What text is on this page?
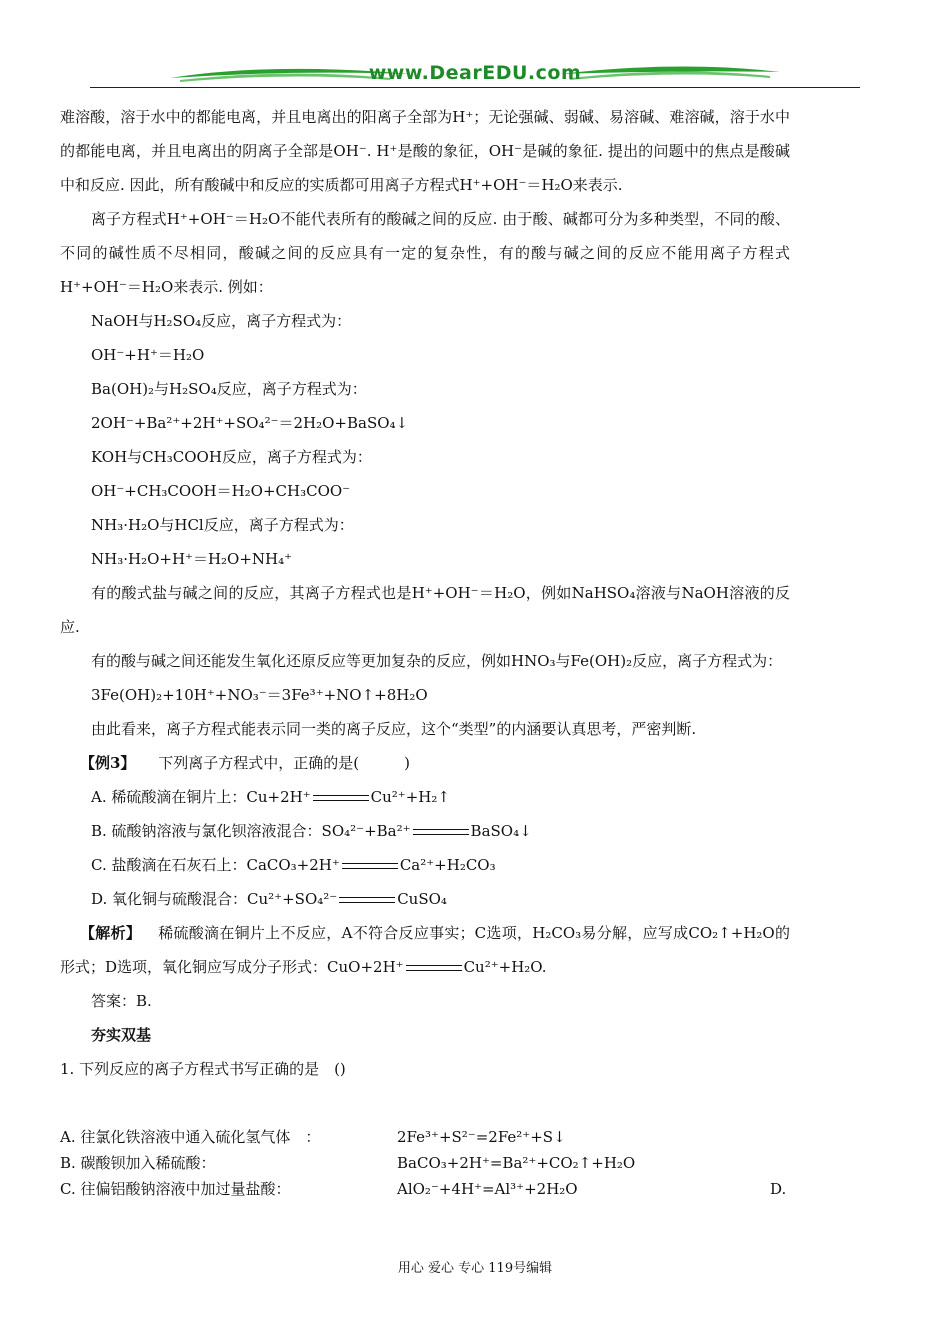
www.DearEDU.com

难溶酸，溶于水中的都能电离，并且电离出的阳离子全部为H⁺；无论强碱、弱碱、易溶碱、难溶碱，溶于水中的都能电离，并且电离出的阴离子全部是OH⁻. H⁺是酸的象征，OH⁻是碱的象征. 提出的问题中的焦点是酸碱中和反应. 因此，所有酸碱中和反应的实质都可用离子方程式H⁺+OH⁻＝H₂O来表示.

离子方程式H⁺+OH⁻＝H₂O不能代表所有的酸碱之间的反应. 由于酸、碱都可分为多种类型，不同的酸、不同的碱性质不尽相同，酸碱之间的反应具有一定的复杂性，有的酸与碱之间的反应不能用离子方程式H⁺+OH⁻＝H₂O来表示. 例如：

NaOH与H₂SO₄反应，离子方程式为：

OH⁻+H⁺＝H₂O

Ba(OH)₂与H₂SO₄反应，离子方程式为：

2OH⁻+Ba²⁺+2H⁺+SO₄²⁻＝2H₂O+BaSO₄↓

KOH与CH₃COOH反应，离子方程式为：

OH⁻+CH₃COOH＝H₂O+CH₃COO⁻

NH₃·H₂O与HCl反应，离子方程式为：

NH₃·H₂O+H⁺＝H₂O+NH₄⁺

有的酸式盐与碱之间的反应，其离子方程式也是H⁺+OH⁻＝H₂O，例如NaHSO₄溶液与NaOH溶液的反应.

有的酸与碱之间还能发生氧化还原反应等更加复杂的反应，例如HNO₃与Fe(OH)₂反应，离子方程式为：

3Fe(OH)₂+10H⁺+NO₃⁻＝3Fe³⁺+NO↑+8H₂O

由此看来，离子方程式能表示同一类的离子反应，这个“类型”的内涵要认真思考，严密判断.

【例3】 下列离子方程式中，正确的是(　　　)

A. 稀硫酸滴在铜片上：Cu+2H⁺	Cu²⁺+H₂↑

B. 硫酸钠溶液与氯化钡溶液混合：SO₄²⁻+Ba²⁺	BaSO₄↓

C. 盐酸滴在石灰石上：CaCO₃+2H⁺	Ca²⁺+H₂CO₃

D. 氧化铜与硫酸混合：Cu²⁺+SO₄²⁻	CuSO₄

【解析】 稀硫酸滴在铜片上不反应，A不符合反应事实；C选项，H₂CO₃易分解，应写成CO₂↑+H₂O的形式；D选项，氧化铜应写成分子形式：CuO+2H⁺	Cu²⁺+H₂O.

答案：B.

夯实双基

1. 下列反应的离子方程式书写正确的是　()

A. 往氯化铁溶液中通入硫化氢气体　：	2Fe³⁺+S²⁻=2Fe²⁺+S↓
B. 碳酸钡加入稀硫酸：	BaCO₃+2H⁺=Ba²⁺+CO₂↑+H₂O
C. 往偏铝酸钠溶液中加过量盐酸：	AlO₂⁻+4H⁺=Al³⁺+2H₂O	D.
用心 爱心 专心 119号编辑
